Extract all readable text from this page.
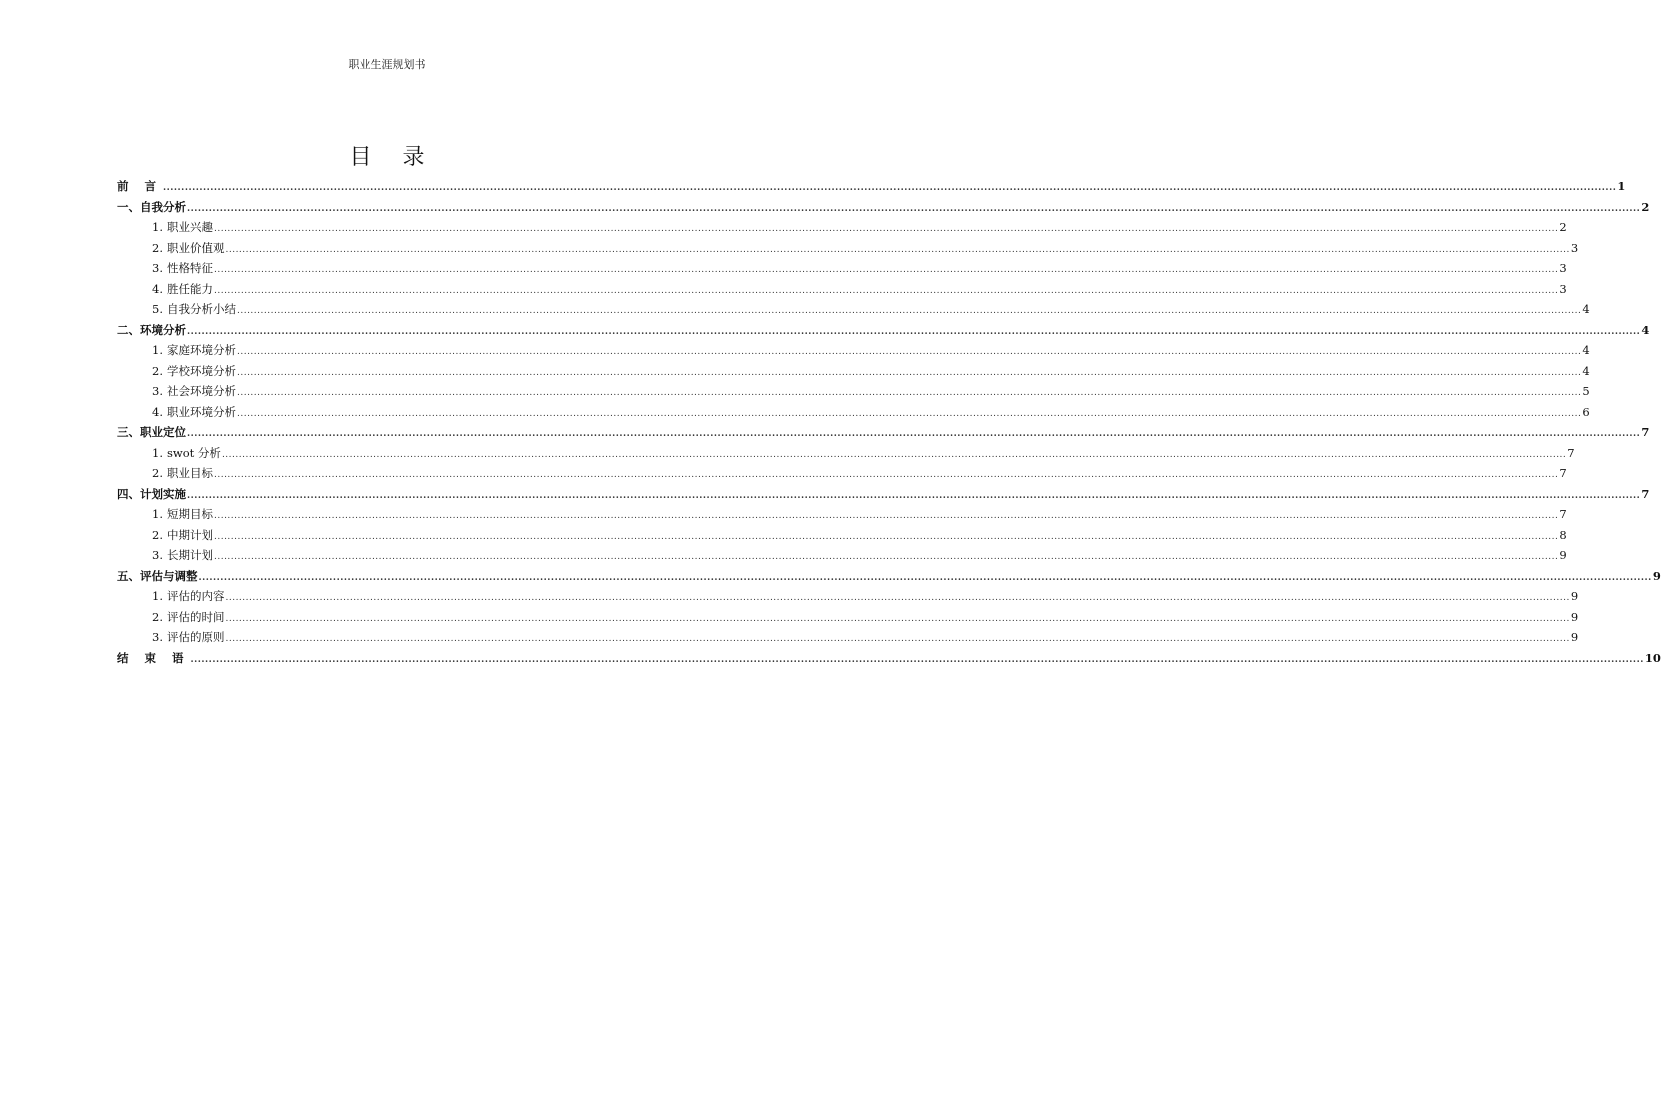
职业生涯规划书
目 录
前 言 ................................................................................................................................................................................................................................................................................................................................................................................................................ 1
一、 自我分析 ................................................................................................................................................................................................................................................................................................................................................................................................................ 2
1. 职业兴趣 ................................................................................................................................................................................................................................................................................................................................................................................................................ 2
2. 职业价值观 ................................................................................................................................................................................................................................................................................................................................................................................................................ 3
3. 性格特征 ................................................................................................................................................................................................................................................................................................................................................................................................................ 3
4. 胜任能力 ................................................................................................................................................................................................................................................................................................................................................................................................................ 3
5. 自我分析小结 ................................................................................................................................................................................................................................................................................................................................................................................................................ 4
二、 环境分析 ................................................................................................................................................................................................................................................................................................................................................................................................................ 4
1. 家庭环境分析 ................................................................................................................................................................................................................................................................................................................................................................................................................ 4
2. 学校环境分析 ................................................................................................................................................................................................................................................................................................................................................................................................................ 4
3. 社会环境分析 ................................................................................................................................................................................................................................................................................................................................................................................................................ 5
4. 职业环境分析 ................................................................................................................................................................................................................................................................................................................................................................................................................ 6
三、 职业定位 ................................................................................................................................................................................................................................................................................................................................................................................................................ 7
1. swot 分析 ................................................................................................................................................................................................................................................................................................................................................................................................................ 7
2. 职业目标 ................................................................................................................................................................................................................................................................................................................................................................................................................ 7
四、 计划实施 ................................................................................................................................................................................................................................................................................................................................................................................................................ 7
1. 短期目标 ................................................................................................................................................................................................................................................................................................................................................................................................................ 7
2. 中期计划 ................................................................................................................................................................................................................................................................................................................................................................................................................ 8
3. 长期计划 ................................................................................................................................................................................................................................................................................................................................................................................................................ 9
五、 评估与调整 ................................................................................................................................................................................................................................................................................................................................................................................................................ 9
1. 评估的内容 ................................................................................................................................................................................................................................................................................................................................................................................................................ 9
2. 评估的时间 ................................................................................................................................................................................................................................................................................................................................................................................................................ 9
3. 评估的原则 ................................................................................................................................................................................................................................................................................................................................................................................................................ 9
结 束 语 ................................................................................................................................................................................................................................................................................................................................................................................................................ 10
